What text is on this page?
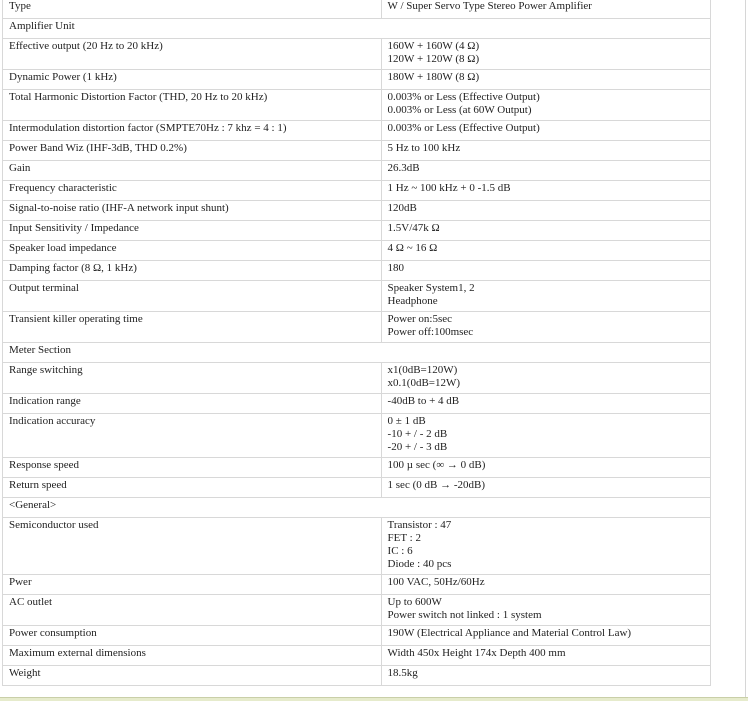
Type	W / Super Servo Type Stereo Power Amplifier

Amplifier Unit	
Effective output (20 Hz to 20 kHz)	160W + 160W (4 Ω)
120W + 120W (8 Ω)

Dynamic Power (1 kHz)	180W + 180W (8 Ω)

Total Harmonic Distortion Factor (THD, 20 Hz to 20 kHz)	0.003% or Less (Effective Output)
0.003% or Less (at 60W Output)

Intermodulation distortion factor (SMPTE70Hz : 7 khz = 4 : 1)	0.003% or Less (Effective Output)

Power Band Wiz (IHF-3dB, THD 0.2%)	5 Hz to 100 kHz

Gain	26.3dB

Frequency characteristic	1 Hz ~ 100 kHz + 0 -1.5 dB

Signal-to-noise ratio (IHF-A network input shunt)	120dB

Input Sensitivity / Impedance	1.5V/47k Ω

Speaker load impedance	4 Ω ~ 16 Ω

Damping factor (8 Ω, 1 kHz)	180

Output terminal	Speaker System1, 2
Headphone

Transient killer operating time	Power on:5sec
Power off:100msec

Meter Section	
Range switching	x1(0dB=120W)
x0.1(0dB=12W)

Indication range	-40dB to + 4 dB

Indication accuracy	0 ± 1 dB
-10 + / - 2 dB
-20 + / - 3 dB

Response speed	100 µ sec (∞ → 0 dB)

Return speed	1 sec (0 dB → -20dB)

<General>	
Semiconductor used	Transistor : 47
FET : 2
IC : 6
Diode : 40 pcs

Pwer	100 VAC, 50Hz/60Hz

AC outlet	Up to 600W
Power switch not linked : 1 system

Power consumption	190W (Electrical Appliance and Material Control Law)

Maximum external dimensions	Width 450x Height 174x Depth 400 mm

Weight	18.5kg
